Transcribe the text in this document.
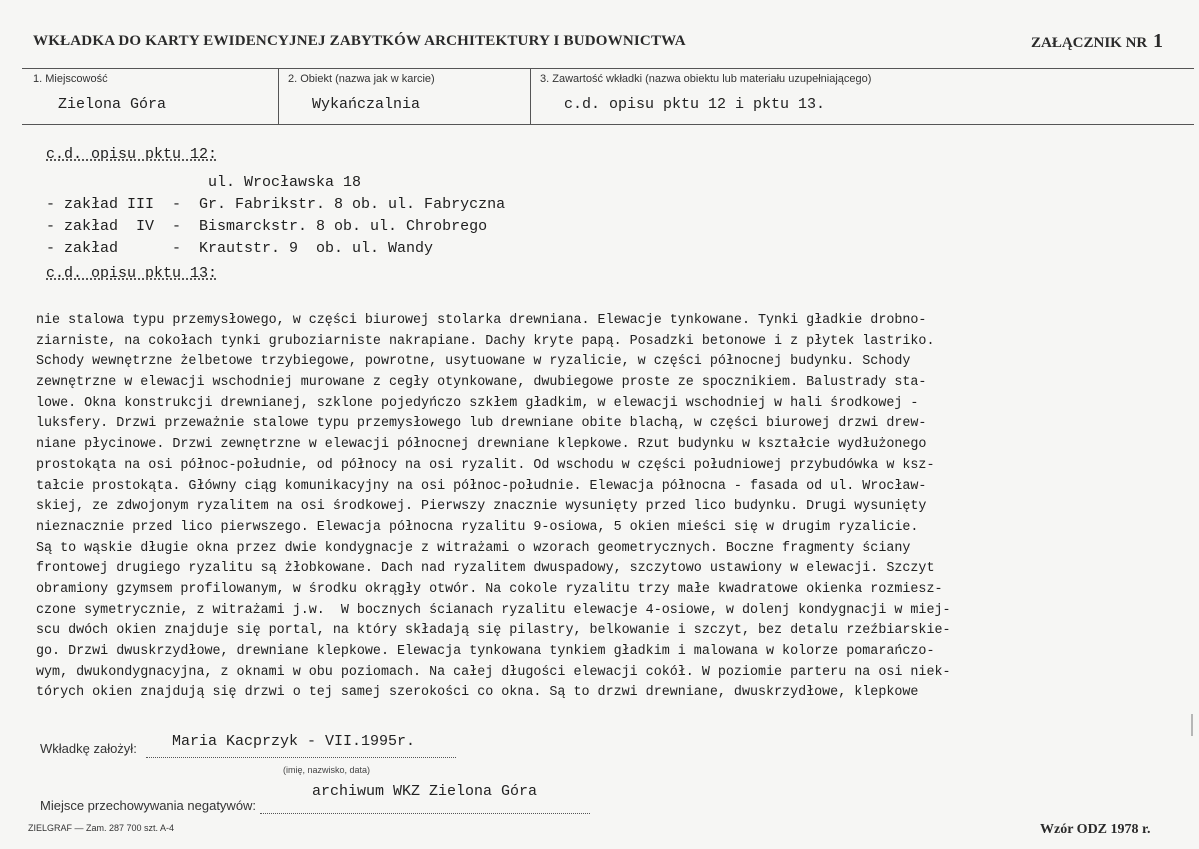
WKŁADKA DO KARTY EWIDENCYJNEJ ZABYTKÓW ARCHITEKTURY I BUDOWNICTWA	ZAŁĄCZNIK NR 1
1. Miejscowość
Zielona Góra
2. Obiekt (nazwa jak w karcie)
Wykańczalnia
3. Zawartość wkładki (nazwa obiektu lub materiału uzupełniającego)
c.d. opisu pktu 12 i pktu 13.
c.d. opisu pktu 12:
ul. Wrocławska 18
- zakład III  -  Gr. Fabrikstr. 8 ob. ul. Fabryczna
- zakład  IV  -  Bismarckstr. 8 ob. ul. Chrobrego
- zakład      -  Krautstr. 9  ob. ul. Wandy
c.d. opisu pktu 13:
nie stalowa typu przemysłowego, w części biurowej stolarka drewniana. Elewacje tynkowane. Tynki gładkie drobno-
ziarniste, na cokołach tynki gruboziarniste nakrapiane. Dachy kryte papą. Posadzki betonowe i z płytek lastriko.
Schody wewnętrzne żelbetowe trzybiegowe, powrotne, usytuowane w ryzalicie, w części północnej budynku. Schody
zewnętrzne w elewacji wschodniej murowane z cegły otynkowane, dwubiegowe proste ze spocznikiem. Balustrady sta-
lowe. Okna konstrukcji drewnianej, szklone pojedyńczo szkłem gładkim, w elewacji wschodniej w hali środkowej -
luksfery. Drzwi przeważnie stalowe typu przemysłowego lub drewniane obite blachą, w części biurowej drzwi drew-
niane płycinowe. Drzwi zewnętrzne w elewacji północnej drewniane klepkowe. Rzut budynku w kształcie wydłużonego
prostokąta na osi północ-południe, od północy na osi ryzalit. Od wschodu w części południowej przybudówka w ksz-
tałcie prostokąta. Główny ciąg komunikacyjny na osi północ-południe. Elewacja północna - fasada od ul. Wrocław-
skiej, ze zdwojonym ryzalitem na osi środkowej. Pierwszy znacznie wysunięty przed lico budynku. Drugi wysunięty
nieznacznie przed lico pierwszego. Elewacja północna ryzalitu 9-osiowa, 5 okien mieści się w drugim ryzalicie.
Są to wąskie długie okna przez dwie kondygnacje z witrażami o wzorach geometrycznych. Boczne fragmenty ściany
frontowej drugiego ryzalitu są żłobkowane. Dach nad ryzalitem dwuspadowy, szczytowo ustawiony w elewacji. Szczyt
obramiony gzymsem profilowanym, w środku okrągły otwór. Na cokole ryzalitu trzy małe kwadratowe okienka rozmiesz-
czone symetrycznie, z witrażami j.w.  W bocznych ścianach ryzalitu elewacje 4-osiowe, w dolenj kondygnacji w miej-
scu dwóch okien znajduje się portal, na który składają się pilastry, belkowanie i szczyt, bez detalu rzeźbiarskie-
go. Drzwi dwuskrzydłowe, drewniane klepkowe. Elewacja tynkowana tynkiem gładkim i malowana w kolorze pomarańczo-
wym, dwukondygnacyjna, z oknami w obu poziomach. Na całej długości elewacji cokół. W poziomie parteru na osi niek-
tórych okien znajdują się drzwi o tej samej szerokości co okna. Są to drzwi drewniane, dwuskrzydłowe, klepkowe
Wkładkę założył: Maria Kacprzyk - VII.1995r.
(imię, nazwisko, data)
Miejsce przechowywania negatywów:
archiwum WKZ Zielona Góra
ZIELGRAF — Zam. 287 700 szt. A-4	Wzór ODZ 1978 r.
